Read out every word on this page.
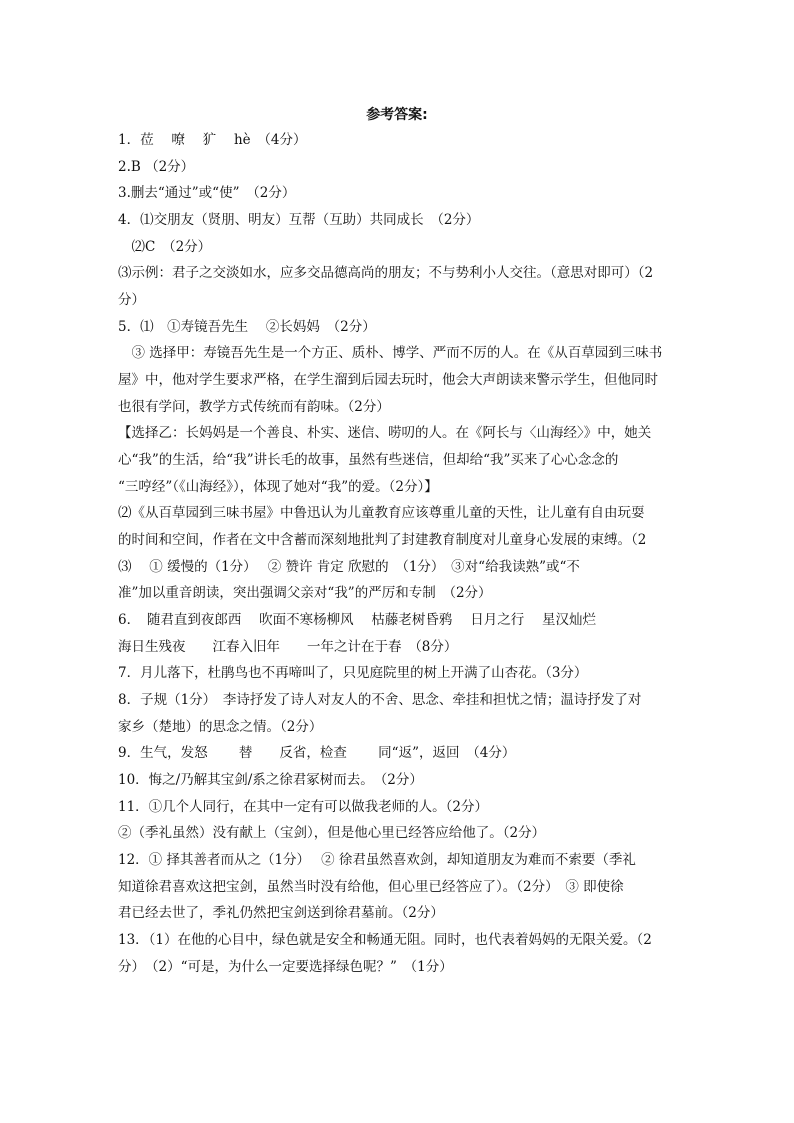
参考答案:
1．莅　 嘹　 犷　 hè　（4分）
2.B （2分）
3.删去“通过”或“使”　（2分）
4．⑴交朋友（贤朋、明友）互帮（互助）共同成长　（2分）
　⑵C　（2分）
⑶示例：君子之交淡如水，应多交品德高尚的朋友；不与势利小人交往。（意思对即可）（2
分）
5．⑴　①寿镜吾先生　 ②长妈妈　（2分）
　③ 选择甲：寿镜吾先生是一个方正、质朴、博学、严而不厉的人。在《从百草园到三味书
屋》中，他对学生要求严格，在学生溜到后园去玩时，他会大声朗读来警示学生，但他同时
也很有学问，教学方式传统而有韵味。（2分）
【选择乙：长妈妈是一个善良、朴实、迷信、唠叨的人。在《阿长与〈山海经〉》中，她关
心“我”的生活，给“我”讲长毛的故事，虽然有些迷信，但却给“我”买来了心心念念的
“三哼经”（《山海经》），体现了她对“我”的爱。（2分）】
⑵《从百草园到三味书屋》中鲁迅认为儿童教育应该尊重儿童的天性，让儿童有自由玩耍
的时间和空间，作者在文中含蓄而深刻地批判了封建教育制度对儿童身心发展的束缚。（2
⑶　 ① 缓慢的（1分）　 ② 赞许 肯定 欣慰的　（1分）　③对“给我读熟”或“不
准”加以重音朗读，突出强调父亲对“我”的严厉和专制　（2分）
6．　随君直到夜郎西　 吹面不寒杨柳风　 枯藤老树昏鸦　 日月之行　 星汉灿烂
海日生残夜　　江春入旧年　　一年之计在于春　（8分）
7．月儿落下，杜鹃鸟也不再啼叫了，只见庭院里的树上开满了山杏花。（3分）
8．子规（1分）　李诗抒发了诗人对友人的不舍、思念、牵挂和担忧之情；温诗抒发了对
家乡（楚地）的思念之情。（2分）
9．生气，发怒　　 替　　反省，检查　　 同“返”，返回　（4分）
10．悔之/乃解其宝剑/系之徐君冢树而去。　（2分）
11．①几个人同行，在其中一定有可以做我老师的人。（2分）
②（季礼虽然）没有献上（宝剑），但是他心里已经答应给他了。（2分）
12．① 择其善者而从之（1分）　 ② 徐君虽然喜欢剑，却知道朋友为难而不索要（季礼
知道徐君喜欢这把宝剑，虽然当时没有给他，但心里已经答应了）。（2分）　③ 即使徐
君已经去世了，季礼仍然把宝剑送到徐君墓前。（2分）
13．（1）在他的心目中，绿色就是安全和畅通无阻。同时，也代表着妈妈的无限关爱。（2
分）　（2）“可是，为什么一定要选择绿色呢？”　（1分）
